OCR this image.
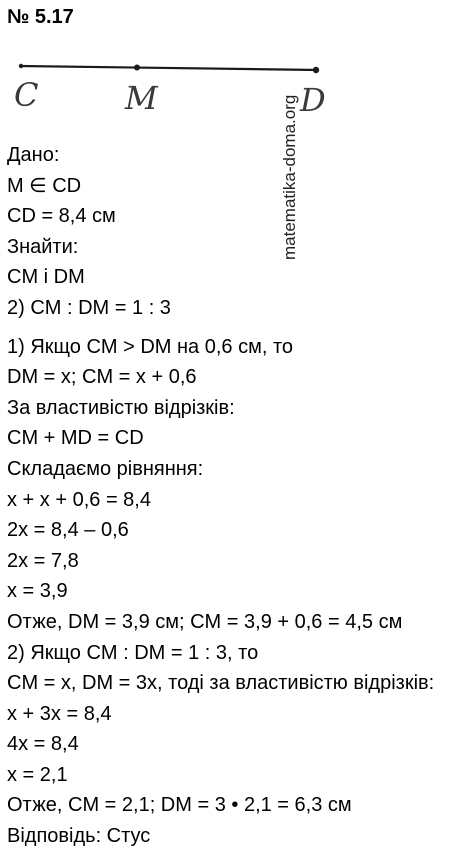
№ 5.17
C	M	D
matematika-doma.org
Дано:
M ∈ CD
CD = 8,4 см
Знайти:
CM і DM
2) CM : DM = 1 : 3
1) Якщо CM > DM на 0,6 см, то
DM = x; CM = x + 0,6
За властивістю відрізків:
CM + MD = CD
Складаємо рівняння:
x + x + 0,6 = 8,4
2x = 8,4 – 0,6
2x = 7,8
x = 3,9
Отже, DM = 3,9 см; CM = 3,9 + 0,6 = 4,5 см
2) Якщо CM : DM = 1 : 3, то
CM = x, DM = 3x, тоді за властивістю відрізків:
x + 3x = 8,4
4x = 8,4
x = 2,1
Отже, CM = 2,1; DM = 3 • 2,1 = 6,3 см
Відповідь: Стус
